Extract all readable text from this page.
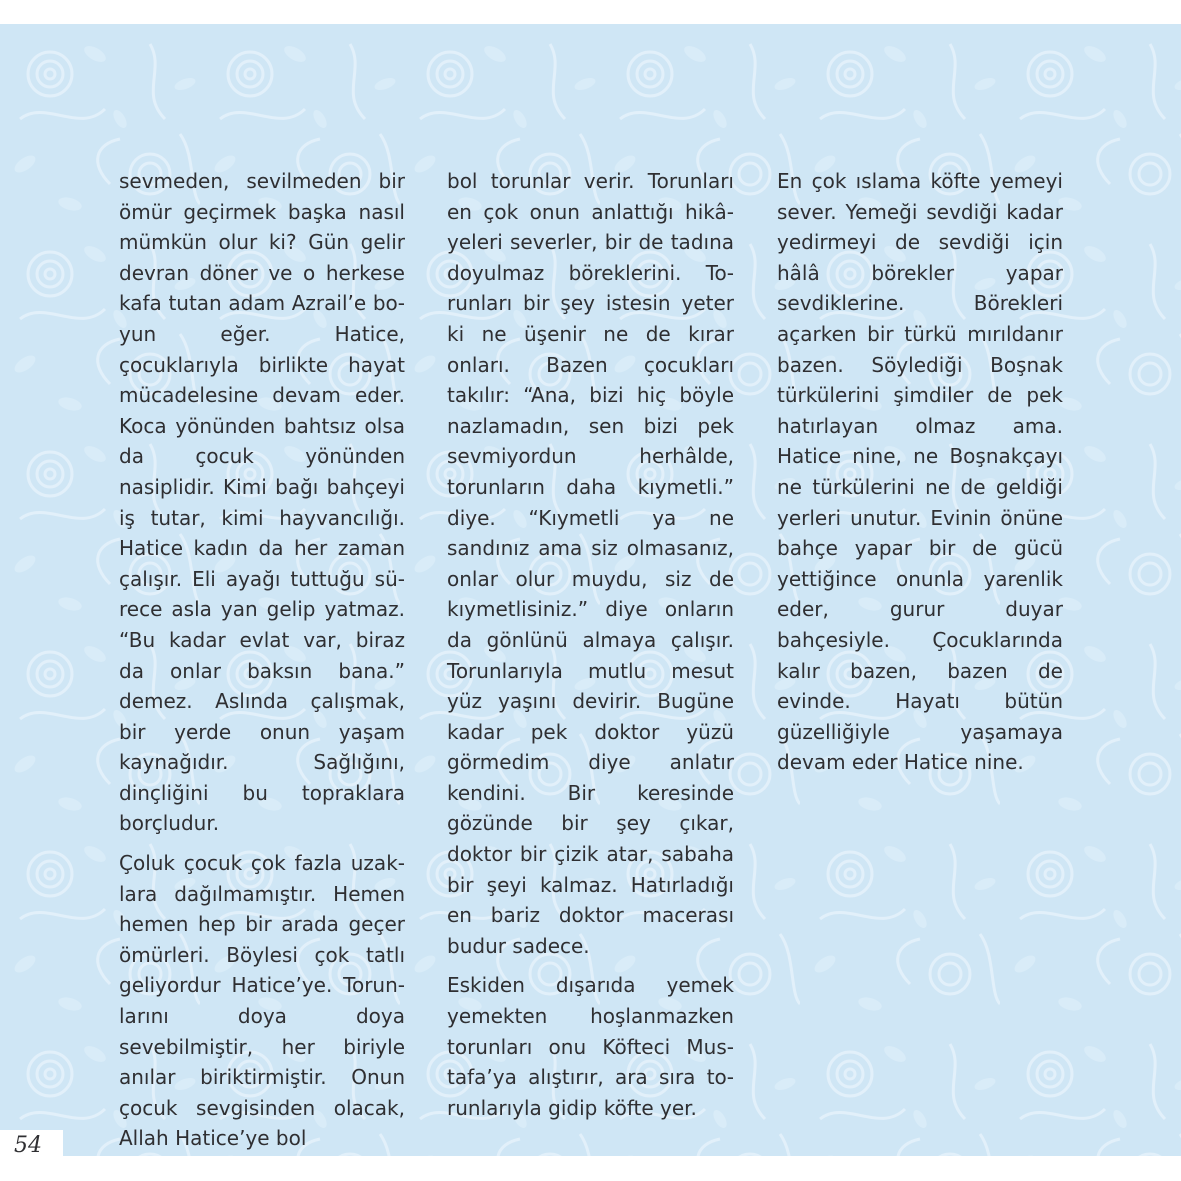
sevmeden, sevilmeden bir ömür geçirmek başka nasıl mümkün olur ki? Gün gelir devran döner ve o herkese kafa tutan adam Azrail’e boyun eğer. Hatice, çocuklarıyla birlikte hayat mücadelesine devam eder. Koca yönünden bahtsız olsa da çocuk yönünden nasiplidir. Kimi bağı bahçeyi iş tutar, kimi hayvancılığı. Hatice kadın da her zaman çalışır. Eli ayağı tuttuğu sürece asla yan gelip yatmaz. “Bu kadar evlat var, biraz da onlar baksın bana.” demez. Aslında çalışmak, bir yerde onun yaşam kaynağıdır. Sağlığını, dinçliğini bu topraklara borçludur.

Çoluk çocuk çok fazla uzaklara dağılmamıştır. Hemen hemen hep bir arada geçer ömürleri. Böylesi çok tatlı geliyordur Hatice’ye. Torunlarını doya doya sevebilmiştir, her biriyle anılar biriktirmiştir. Onun çocuk sevgisinden olacak, Allah Hatice’ye bol

bol torunlar verir. Torunları en çok onun anlattığı hikâyeleri severler, bir de tadına doyulmaz böreklerini. Torunları bir şey istesin yeter ki ne üşenir ne de kırar onları. Bazen çocukları takılır: “Ana, bizi hiç böyle nazlamadın, sen bizi pek sevmiyordun herhâlde, torunların daha kıymetli.” diye. “Kıymetli ya ne sandınız ama siz olmasanız, onlar olur muydu, siz de kıymetlisiniz.” diye onların da gönlünü almaya çalışır. Torunlarıyla mutlu mesut yüz yaşını devirir. Bugüne kadar pek doktor yüzü görmedim diye anlatır kendini. Bir keresinde gözünde bir şey çıkar, doktor bir çizik atar, sabaha bir şeyi kalmaz. Hatırladığı en bariz doktor macerası budur sadece.

Eskiden dışarıda yemek yemekten hoşlanmazken torunları onu Köfteci Mustafa’ya alıştırır, ara sıra torunlarıyla gidip köfte yer.

En çok ıslama köfte yemeyi sever. Yemeği sevdiği kadar yedirmeyi de sevdiği için hâlâ börekler yapar sevdiklerine. Börekleri açarken bir türkü mırıldanır bazen. Söylediği Boşnak türkülerini şimdiler de pek hatırlayan olmaz ama. Hatice nine, ne Boşnakçayı ne türkülerini ne de geldiği yerleri unutur. Evinin önüne bahçe yapar bir de gücü yettiğince onunla yarenlik eder, gurur duyar bahçesiyle. Çocuklarında kalır bazen, bazen de evinde. Hayatı bütün güzelliğiyle yaşamaya devam eder Hatice nine.

54
